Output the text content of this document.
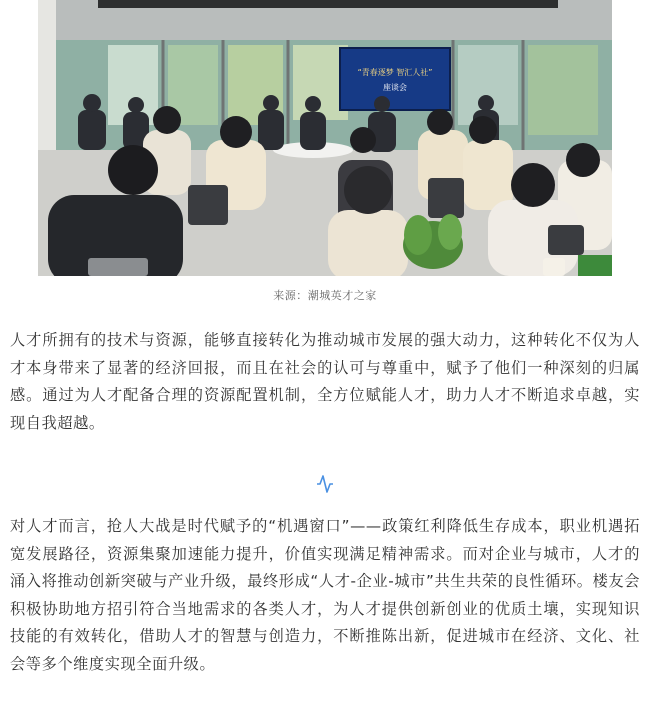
“青春逐梦 智汇人社”
座谈会
来源：潮城英才之家

人才所拥有的技术与资源，能够直接转化为推动城市发展的强大动力，这种转化不仅为人才本身带来了显著的经济回报，而且在社会的认可与尊重中，赋予了他们一种深刻的归属感。通过为人才配备合理的资源配置机制，全方位赋能人才，助力人才不断追求卓越，实现自我超越。

对人才而言，抢人大战是时代赋予的“机遇窗口”——政策红利降低生存成本，职业机遇拓宽发展路径，资源集聚加速能力提升，价值实现满足精神需求。而对企业与城市，人才的涌入将推动创新突破与产业升级，最终形成“人才-企业-城市”共生共荣的良性循环。楼友会积极协助地方招引符合当地需求的各类人才，为人才提供创新创业的优质土壤，实现知识技能的有效转化，借助人才的智慧与创造力，不断推陈出新，促进城市在经济、文化、社会等多个维度实现全面升级。
